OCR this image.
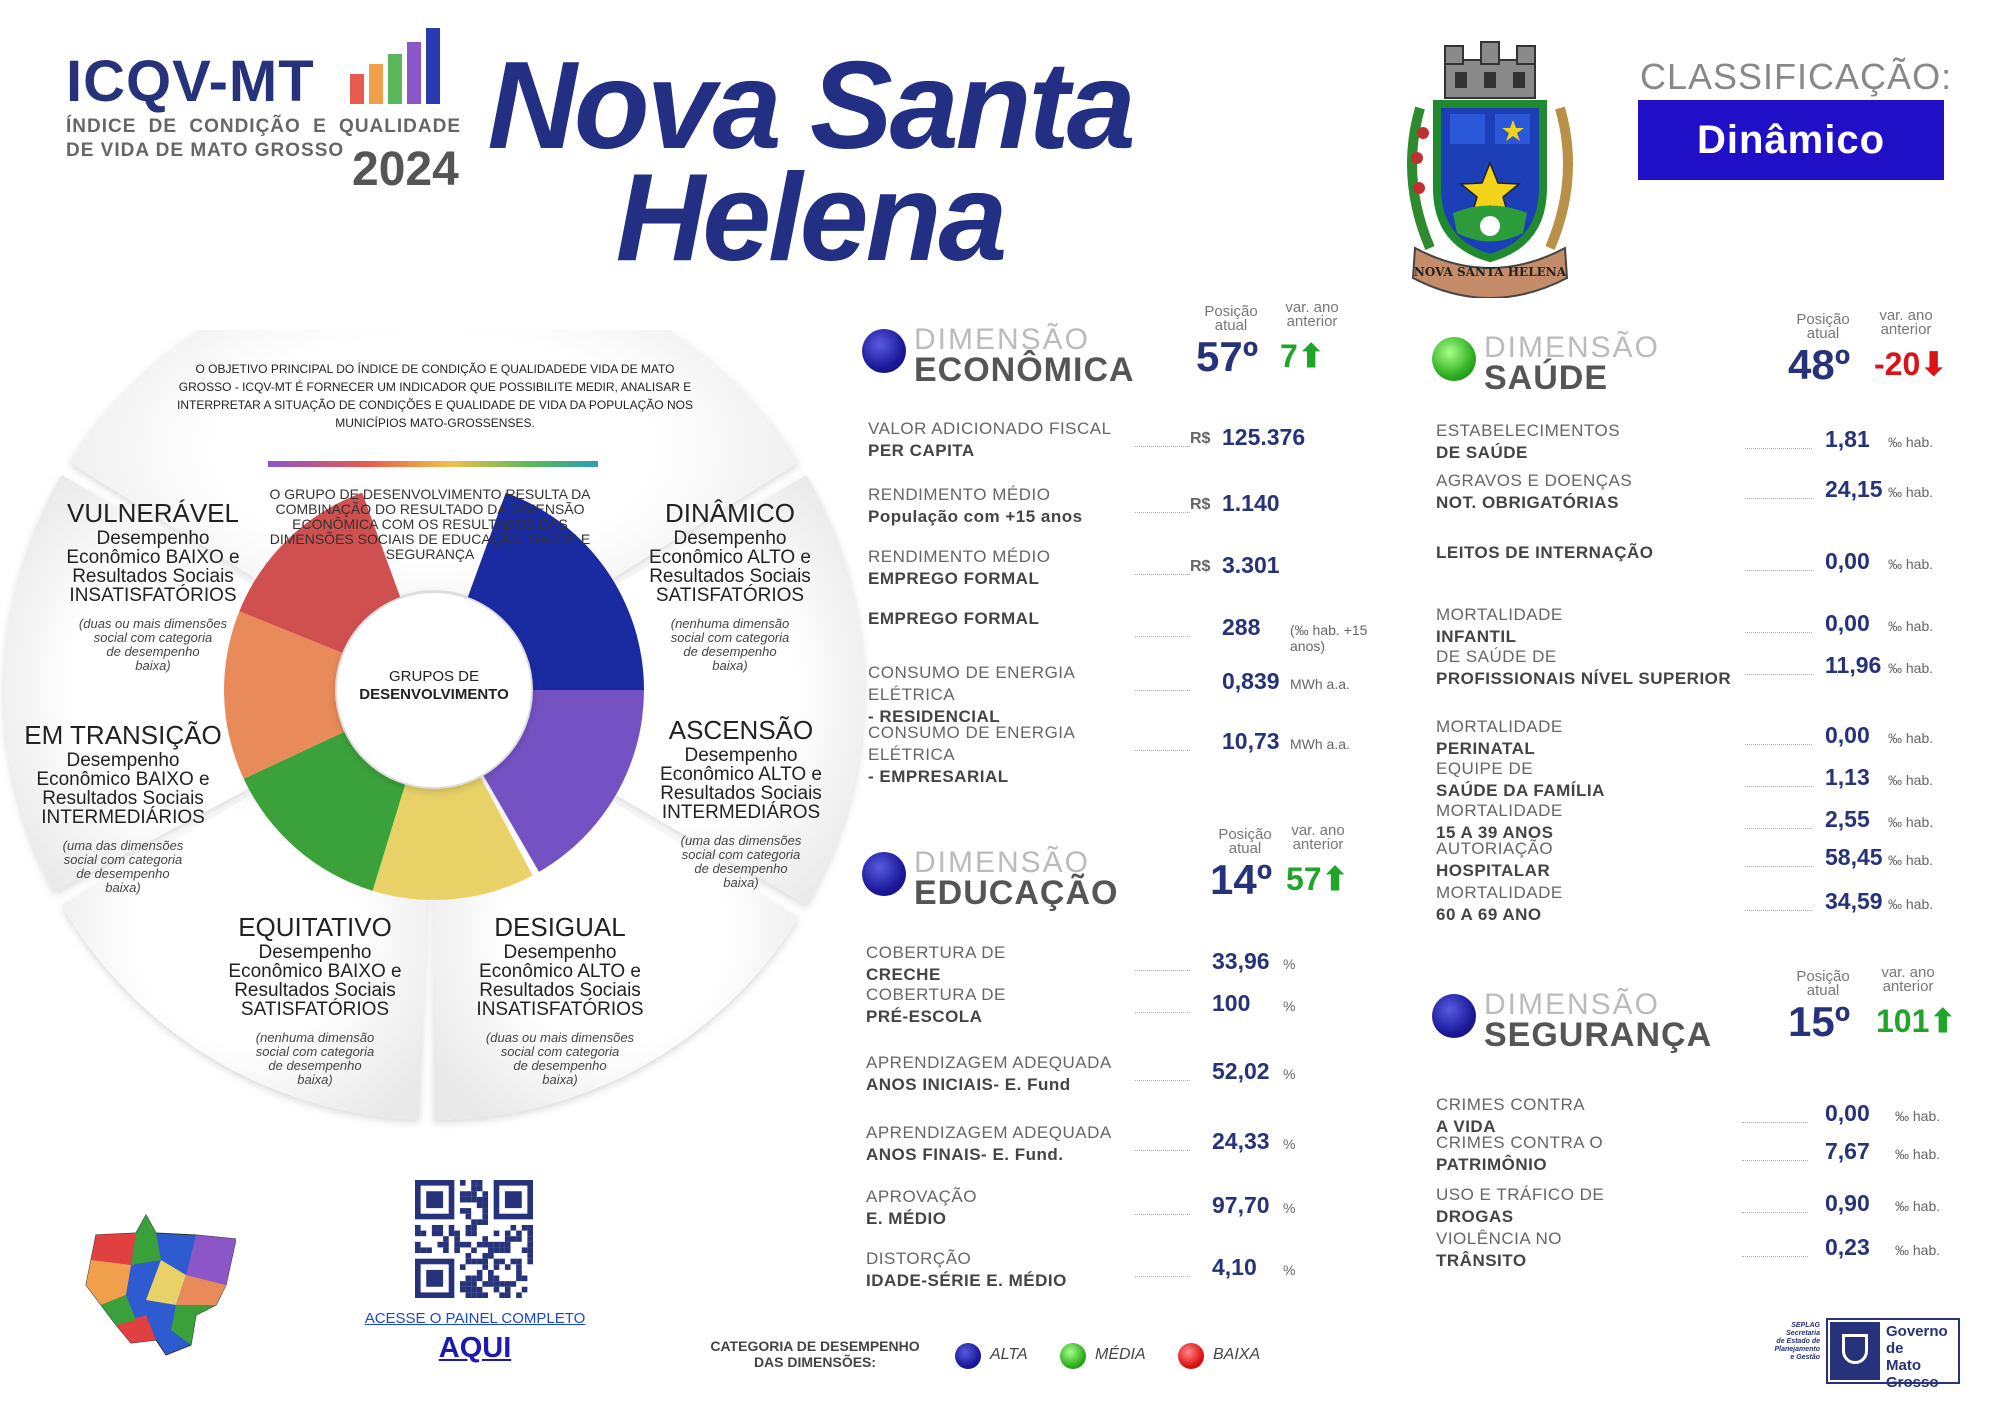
ICQV-MT
ÍNDICE DE CONDIÇÃO E QUALIDADE DE VIDA DE MATO GROSSO 2024 Nova Santa
Helena	NOVA SANTA HELENA
CLASSIFICAÇÃO:
Dinâmico
O OBJETIVO PRINCIPAL DO ÍNDICE DE CONDIÇÃO E QUALIDADEDE VIDA DE MATO GROSSO - ICQV-MT É FORNECER UM INDICADOR QUE POSSIBILITE MEDIR, ANALISAR E INTERPRETAR A SITUAÇÃO DE CONDIÇÕES E QUALIDADE DE VIDA DA POPULAÇÃO NOS MUNICÍPIOS MATO-GROSSENSES.
O GRUPO DE DESENVOLVIMENTO RESULTA DA COMBINAÇÃO DO RESULTADO DA DIMENSÃO ECONÔMICA COM OS RESULTADOS DAS DIMENSÕES SOCIAIS DE EDUCAÇÃO, SAÚDE E SEGURANÇA
GRUPOS DE
DESENVOLVIMENTO
VULNERÁVEL
Desempenho
Econômico BAIXO e
Resultados Sociais
INSATISFATÓRIOS
(duas ou mais dimensões
social com categoria
de desempenho
baixa)
DINÂMICO
Desempenho
Econômico ALTO e
Resultados Sociais
SATISFATÓRIOS
(nenhuma dimensão
social com categoria
de desempenho
baixa)
EM TRANSIÇÃO
Desempenho
Econômico BAIXO e
Resultados Sociais
INTERMEDIÁRIOS
(uma das dimensões
social com categoria
de desempenho
baixa)
ASCENSÃO
Desempenho
Econômico ALTO e
Resultados Sociais
INTERMEDIÁROS
(uma das dimensões
social com categoria
de desempenho
baixa)
EQUITATIVO
Desempenho
Econômico BAIXO e
Resultados Sociais
SATISFATÓRIOS
(nenhuma dimensão
social com categoria
de desempenho
baixa)
DESIGUAL
Desempenho
Econômico ALTO e
Resultados Sociais
INSATISFATÓRIOS
(duas ou mais dimensões
social com categoria
de desempenho
baixa)
DIMENSÃO
ECONÔMICA
Posição
atual
var. ano
anterior
57º 7⬆
VALOR ADICIONADO FISCAL
PER CAPITA
R$ 125.376
RENDIMENTO MÉDIO
População com +15 anos
R$ 1.140
RENDIMENTO MÉDIO
EMPREGO FORMAL
R$ 3.301
EMPREGO FORMAL	288 (‰ hab. +15 anos)
CONSUMO DE ENERGIA ELÉTRICA
- RESIDENCIAL
0,839 MWh a.a.
CONSUMO DE ENERGIA ELÉTRICA
- EMPRESARIAL
10,73 MWh a.a.
DIMENSÃO
EDUCAÇÃO
Posição
atual
var. ano
anterior
14º 57⬆
COBERTURA DE
CRECHE
33,96 %
COBERTURA DE
PRÉ-ESCOLA
100 %
APRENDIZAGEM ADEQUADA
ANOS INICIAIS- E. Fund
52,02 %
APRENDIZAGEM ADEQUADA
ANOS FINAIS- E. Fund.
24,33 %
APROVAÇÃO
E. MÉDIO
97,70 %
DISTORÇÃO
IDADE-SÉRIE E. MÉDIO
4,10 %
DIMENSÃO
SAÚDE
Posição
atual
var. ano
anterior
48º -20⬇
ESTABELECIMENTOS
DE SAÚDE
1,81 ‰ hab.
AGRAVOS E DOENÇAS
NOT. OBRIGATÓRIAS
24,15 ‰ hab.
LEITOS DE INTERNAÇÃO	0,00 ‰ hab.
MORTALIDADE
INFANTIL
0,00 ‰ hab.
DE SAÚDE DE
PROFISSIONAIS NÍVEL SUPERIOR
11,96 ‰ hab.
MORTALIDADE
PERINATAL
0,00 ‰ hab.
EQUIPE DE
SAÚDE DA FAMÍLIA
1,13 ‰ hab.
MORTALIDADE
15 A 39 ANOS
2,55 ‰ hab.
AUTORIAÇÃO
HOSPITALAR
58,45 ‰ hab.
MORTALIDADE
60 A 69 ANO
34,59 ‰ hab.
DIMENSÃO
SEGURANÇA
Posição
atual
var. ano
anterior
15º 101⬆
CRIMES CONTRA
A VIDA
0,00 ‰ hab.
CRIMES CONTRA O
PATRIMÔNIO
7,67 ‰ hab.
USO E TRÁFICO DE
DROGAS
0,90 ‰ hab.
VIOLÊNCIA NO
TRÂNSITO
0,23 ‰ hab.
ACESSE O PAINEL COMPLETO
AQUI	CATEGORIA DE DESEMPENHO
DAS DIMENSÕES:	ALTA	MÉDIA	BAIXA
SEPLAG
Secretaria
de Estado de
Planejamento
e Gestão
Governo de
Mato
Grosso
